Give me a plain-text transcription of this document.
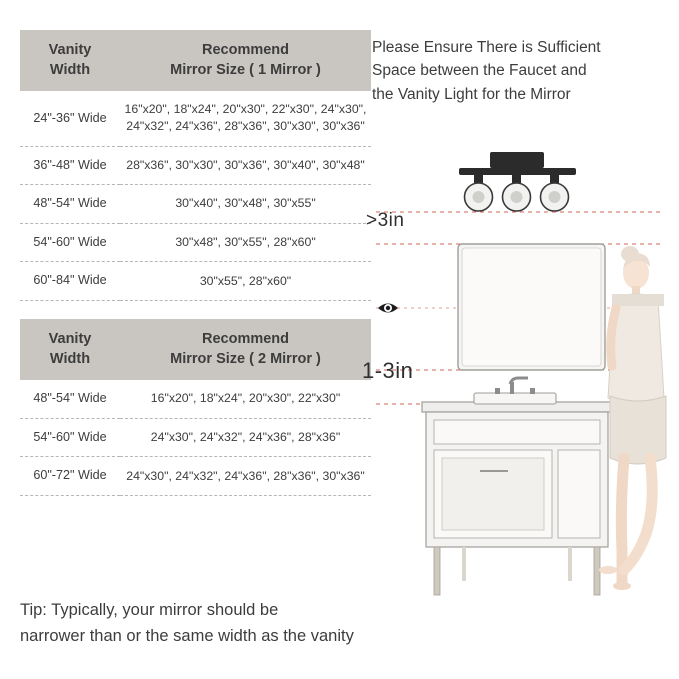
Vanity
Width

Recommend
Mirror Size ( 1 Mirror )

24"-36" Wide	16"x20", 18"x24", 20"x30", 22"x30", 24"x30",
24"x32", 24"x36", 28"x36", 30"x30", 30"x36"

36"-48" Wide	28"x36", 30"x30", 30"x36", 30"x40", 30"x48"
48"-54" Wide	30"x40", 30"x48", 30"x55"
54"-60" Wide	30"x48", 30"x55", 28"x60"
60"-84" Wide	30"x55", 28"x60"
Vanity
Width

Recommend
Mirror Size ( 2 Mirror )

48"-54" Wide	16"x20", 18"x24", 20"x30", 22"x30"
54"-60" Wide	24"x30", 24"x32", 24"x36", 28"x36"
60"-72" Wide	24"x30", 24"x32", 24"x36", 28"x36", 30"x36"
Tip: Typically, your mirror should be
narrower than or the same width as the vanity
Please Ensure There is Sufficient
Space between the Faucet and
the Vanity Light for the Mirror
>3in
1-3in
